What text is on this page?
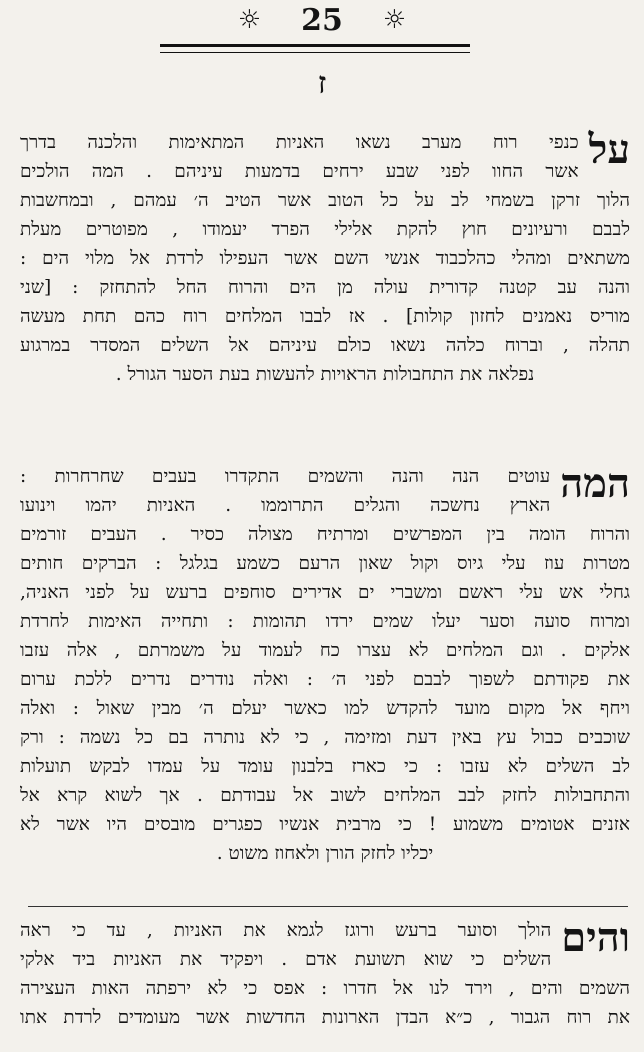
☼ 25 ☼
ז
על
כנפי רוח מערב נשאו האניות המתאימות והלכנה בדרך
אשר החוו לפני שבע ירחים בדמעות עיניהם . המה הולכים
הלוך זרקן בשמחי לב על כל הטוב אשר הטיב ה׳ עמהם , ובמחשבות
לבבם ורעיונים חוץ להקת אלילי הפרד יעמודו , מפוטרים מעלת
משתאים ומהלי כהלכבוד אנשי השם אשר העפילו לרדת אל מלוי הים :
והנה עב קטנה קדורית עולה מן הים והרוח החל להתחזק : [שני
מוריס נאמנים לחזון קולות] . אז לבבו המלחים רוח כהם תחת מעשה
תהלה , וברוח כלהה נשאו כולם עיניהם אל השלים המסדר במרגוע
נפלאה את התחבולות הראויות להעשות בעת הסער הגורל .
המה
עוטים הנה והנה והשמים התקדרו בעבים שחרחרות :
הארץ נחשכה והגלים התרוממו . האניות יהמו וינועו
והרוח הומה בין המפרשים ומרתיח מצולה כסיר . העבים זורמים
מטרות עוז עלי גיוס וקול שאון הרעם כשמע בגלגל : הברקים חותים
גחלי אש עלי ראשם ומשברי ים אדירים סוחפים ברעש על לפני האניה,
ומרוח סועה וסער יעלו שמים ירדו תהומות : ותחייה האימות לחרדת
אלקים . וגם המלחים לא עצרו כח לעמוד על משמרתם , אלה עזבו
את פקודתם לשפוך לבבם לפני ה׳ : ואלה נודרים נדרים ללכת ערום
ויחף אל מקום מועד להקדש למו כאשר יעלם ה׳ מבין שאול : ואלה
שוכבים כבול עץ באין דעת ומזימה , כי לא נותרה בם כל נשמה : ורק
לב השלים לא עזבו : כי כארז בלבנון עומד על עמדו לבקש תועלות
והתחבולות לחזק לבב המלחים לשוב אל עבודתם . אך לשוא קרא אל
אזנים אטומים משמוע ! כי מרבית אנשיו כפגרים מובסים היו אשר לא
יכליו לחזק הורן ולאחוז משוט .
והים
הולך וסוער ברעש ורוגז לגמא את האניות , עד כי ראה
השלים כי שוא תשועת אדם . ויפקיד את האניות ביד אלקי
השמים והים , וירד לנו אל חדרו : אפס כי לא ירפתה האות העצירה
את רוח הגבור , כ״א הבדן הארונות החדשות אשר מעומדים לרדת אתו
